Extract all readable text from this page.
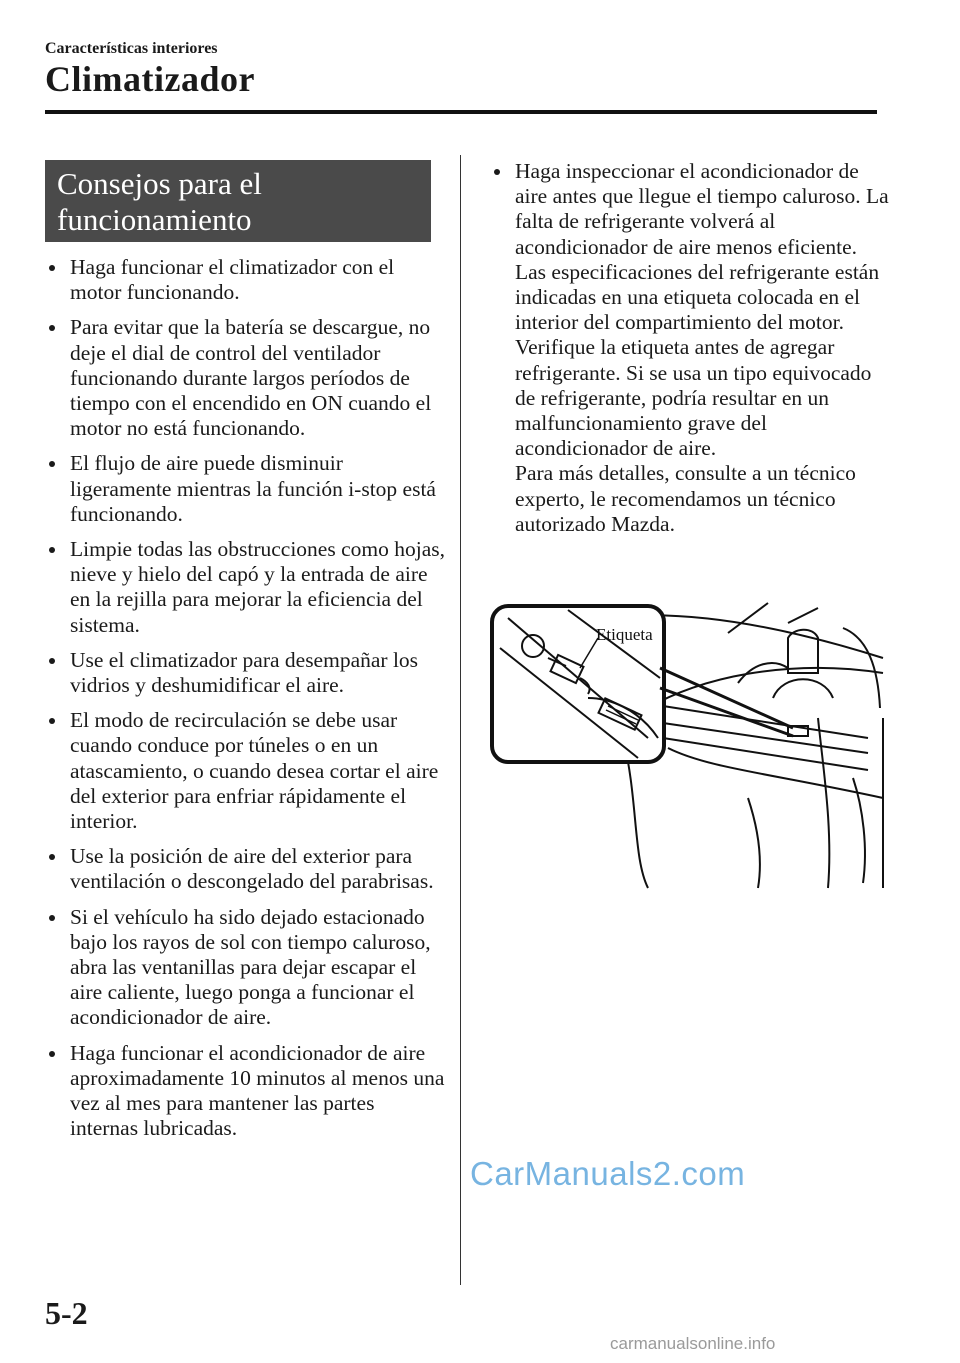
Características interiores
Climatizador
Consejos para el
funcionamiento
Haga funcionar el climatizador con el motor funcionando.
Para evitar que la batería se descargue, no deje el dial de control del ventilador funcionando durante largos períodos de tiempo con el encendido en ON cuando el motor no está funcionando.
El flujo de aire puede disminuir ligeramente mientras la función i-stop está funcionando.
Limpie todas las obstrucciones como hojas, nieve y hielo del capó y la entrada de aire en la rejilla para mejorar la eficiencia del sistema.
Use el climatizador para desempañar los vidrios y deshumidificar el aire.
El modo de recirculación se debe usar cuando conduce por túneles o en un atascamiento, o cuando desea cortar el aire del exterior para enfriar rápidamente el interior.
Use la posición de aire del exterior para ventilación o descongelado del parabrisas.
Si el vehículo ha sido dejado estacionado bajo los rayos de sol con tiempo caluroso, abra las ventanillas para dejar escapar el aire caliente, luego ponga a funcionar el acondicionador de aire.
Haga funcionar el acondicionador de aire aproximadamente 10 minutos al menos una vez al mes para mantener las partes internas lubricadas.
Haga inspeccionar el acondicionador de aire antes que llegue el tiempo caluroso. La falta de refrigerante volverá al acondicionador de aire menos eficiente.
Las especificaciones del refrigerante están indicadas en una etiqueta colocada en el interior del compartimiento del motor. Verifique la etiqueta antes de agregar refrigerante. Si se usa un tipo equivocado de refrigerante, podría resultar en un malfuncionamiento grave del acondicionador de aire.
Para más detalles, consulte a un técnico experto, le recomendamos un técnico autorizado Mazda.
Etiqueta
CarManuals2.com
5-2
carmanualsonline.info
